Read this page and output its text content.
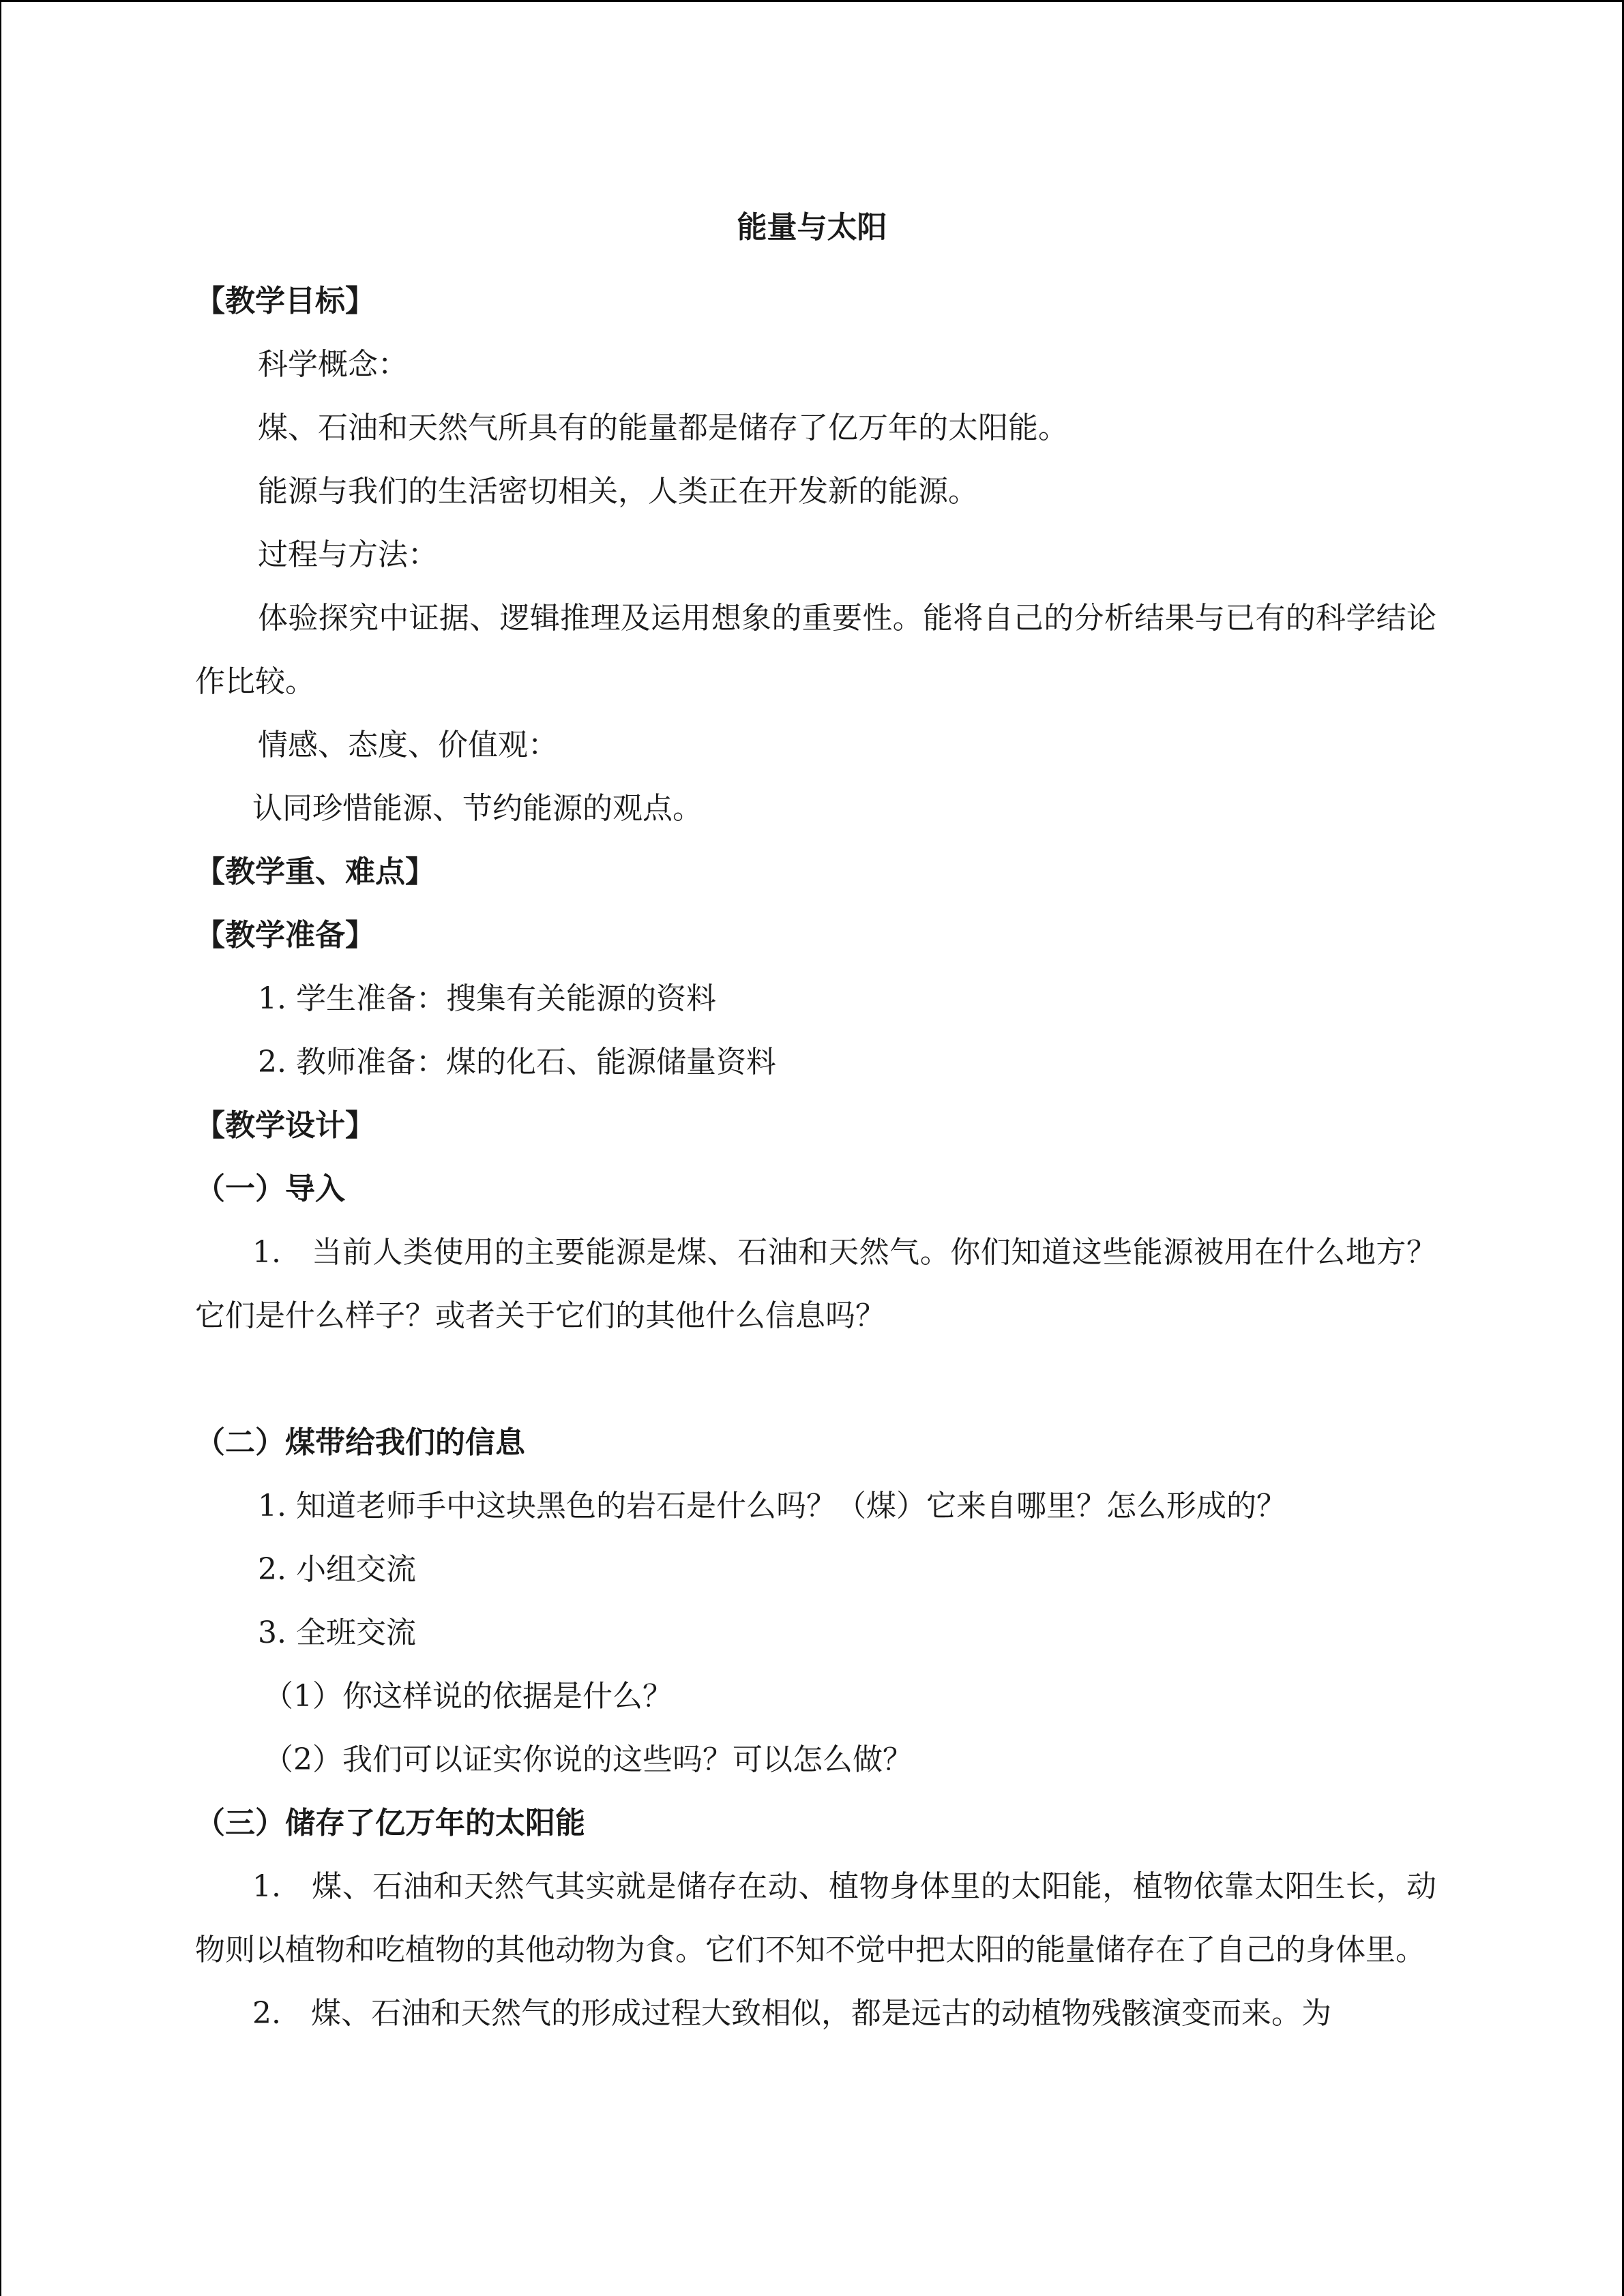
能量与太阳
【教学目标】
科学概念：
煤、石油和天然气所具有的能量都是储存了亿万年的太阳能。
能源与我们的生活密切相关，人类正在开发新的能源。
过程与方法：
体验探究中证据、逻辑推理及运用想象的重要性。能将自己的分析结果与已有的科学结论作比较。
情感、态度、价值观：
认同珍惜能源、节约能源的观点。
【教学重、难点】
【教学准备】
1. 学生准备：搜集有关能源的资料
2. 教师准备：煤的化石、能源储量资料
【教学设计】
（一）导入
1.　当前人类使用的主要能源是煤、石油和天然气。你们知道这些能源被用在什么地方？它们是什么样子？或者关于它们的其他什么信息吗？
（二）煤带给我们的信息
1. 知道老师手中这块黑色的岩石是什么吗？（煤）它来自哪里？怎么形成的？
2. 小组交流
3. 全班交流
（1）你这样说的依据是什么？
（2）我们可以证实你说的这些吗？可以怎么做？
（三）储存了亿万年的太阳能
1.　煤、石油和天然气其实就是储存在动、植物身体里的太阳能，植物依靠太阳生长，动物则以植物和吃植物的其他动物为食。它们不知不觉中把太阳的能量储存在了自己的身体里。
2.　煤、石油和天然气的形成过程大致相似，都是远古的动植物残骸演变而来。为
